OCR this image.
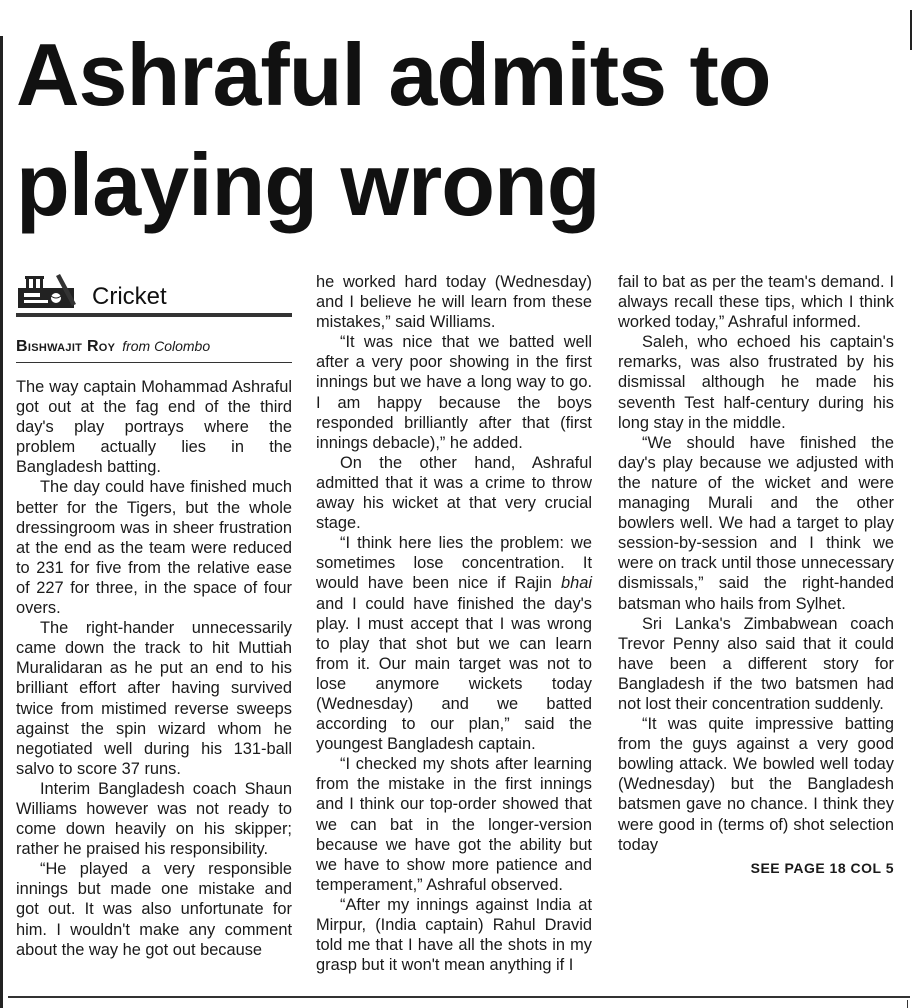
Ashraful admits to
playing wrong
Cricket
Bishwajit Roy from Colombo

The way captain Mohammad Ashraful got out at the fag end of the third day's play portrays where the problem actually lies in the Bangladesh batting.

The day could have finished much better for the Tigers, but the whole dressingroom was in sheer frustration at the end as the team were reduced to 231 for five from the relative ease of 227 for three, in the space of four overs.

The right-hander unnecessarily came down the track to hit Muttiah Muralidaran as he put an end to his brilliant effort after having survived twice from mistimed reverse sweeps against the spin wizard whom he negotiated well during his 131-ball salvo to score 37 runs.

Interim Bangladesh coach Shaun Williams however was not ready to come down heavily on his skipper; rather he praised his responsibility.

“He played a very responsible innings but made one mistake and got out. It was also unfortunate for him. I wouldn't make any comment about the way he got out because

he worked hard today (Wednesday) and I believe he will learn from these mistakes,” said Williams.

“It was nice that we batted well after a very poor showing in the first innings but we have a long way to go. I am happy because the boys responded brilliantly after that (first innings debacle),” he added.

On the other hand, Ashraful admitted that it was a crime to throw away his wicket at that very crucial stage.

“I think here lies the problem: we sometimes lose concentration. It would have been nice if Rajin bhai and I could have finished the day's play. I must accept that I was wrong to play that shot but we can learn from it. Our main target was not to lose anymore wickets today (Wednesday) and we batted according to our plan,” said the youngest Bangladesh captain.

“I checked my shots after learning from the mistake in the first innings and I think our top-order showed that we can bat in the longer-version because we have got the ability but we have to show more patience and temperament,” Ashraful observed.

“After my innings against India at Mirpur, (India captain) Rahul Dravid told me that I have all the shots in my grasp but it won't mean anything if I

fail to bat as per the team's demand. I always recall these tips, which I think worked today,” Ashraful informed.

Saleh, who echoed his captain's remarks, was also frustrated by his dismissal although he made his seventh Test half-century during his long stay in the middle.

“We should have finished the day's play because we adjusted with the nature of the wicket and were managing Murali and the other bowlers well. We had a target to play session-by-session and I think we were on track until those unnecessary dismissals,” said the right-handed batsman who hails from Sylhet.

Sri Lanka's Zimbabwean coach Trevor Penny also said that it could have been a different story for Bangladesh if the two batsmen had not lost their concentration suddenly.

“It was quite impressive batting from the guys against a very good bowling attack. We bowled well today (Wednesday) but the Bangladesh batsmen gave no chance. I think they were good in (terms of) shot selection today

SEE PAGE 18 COL 5
